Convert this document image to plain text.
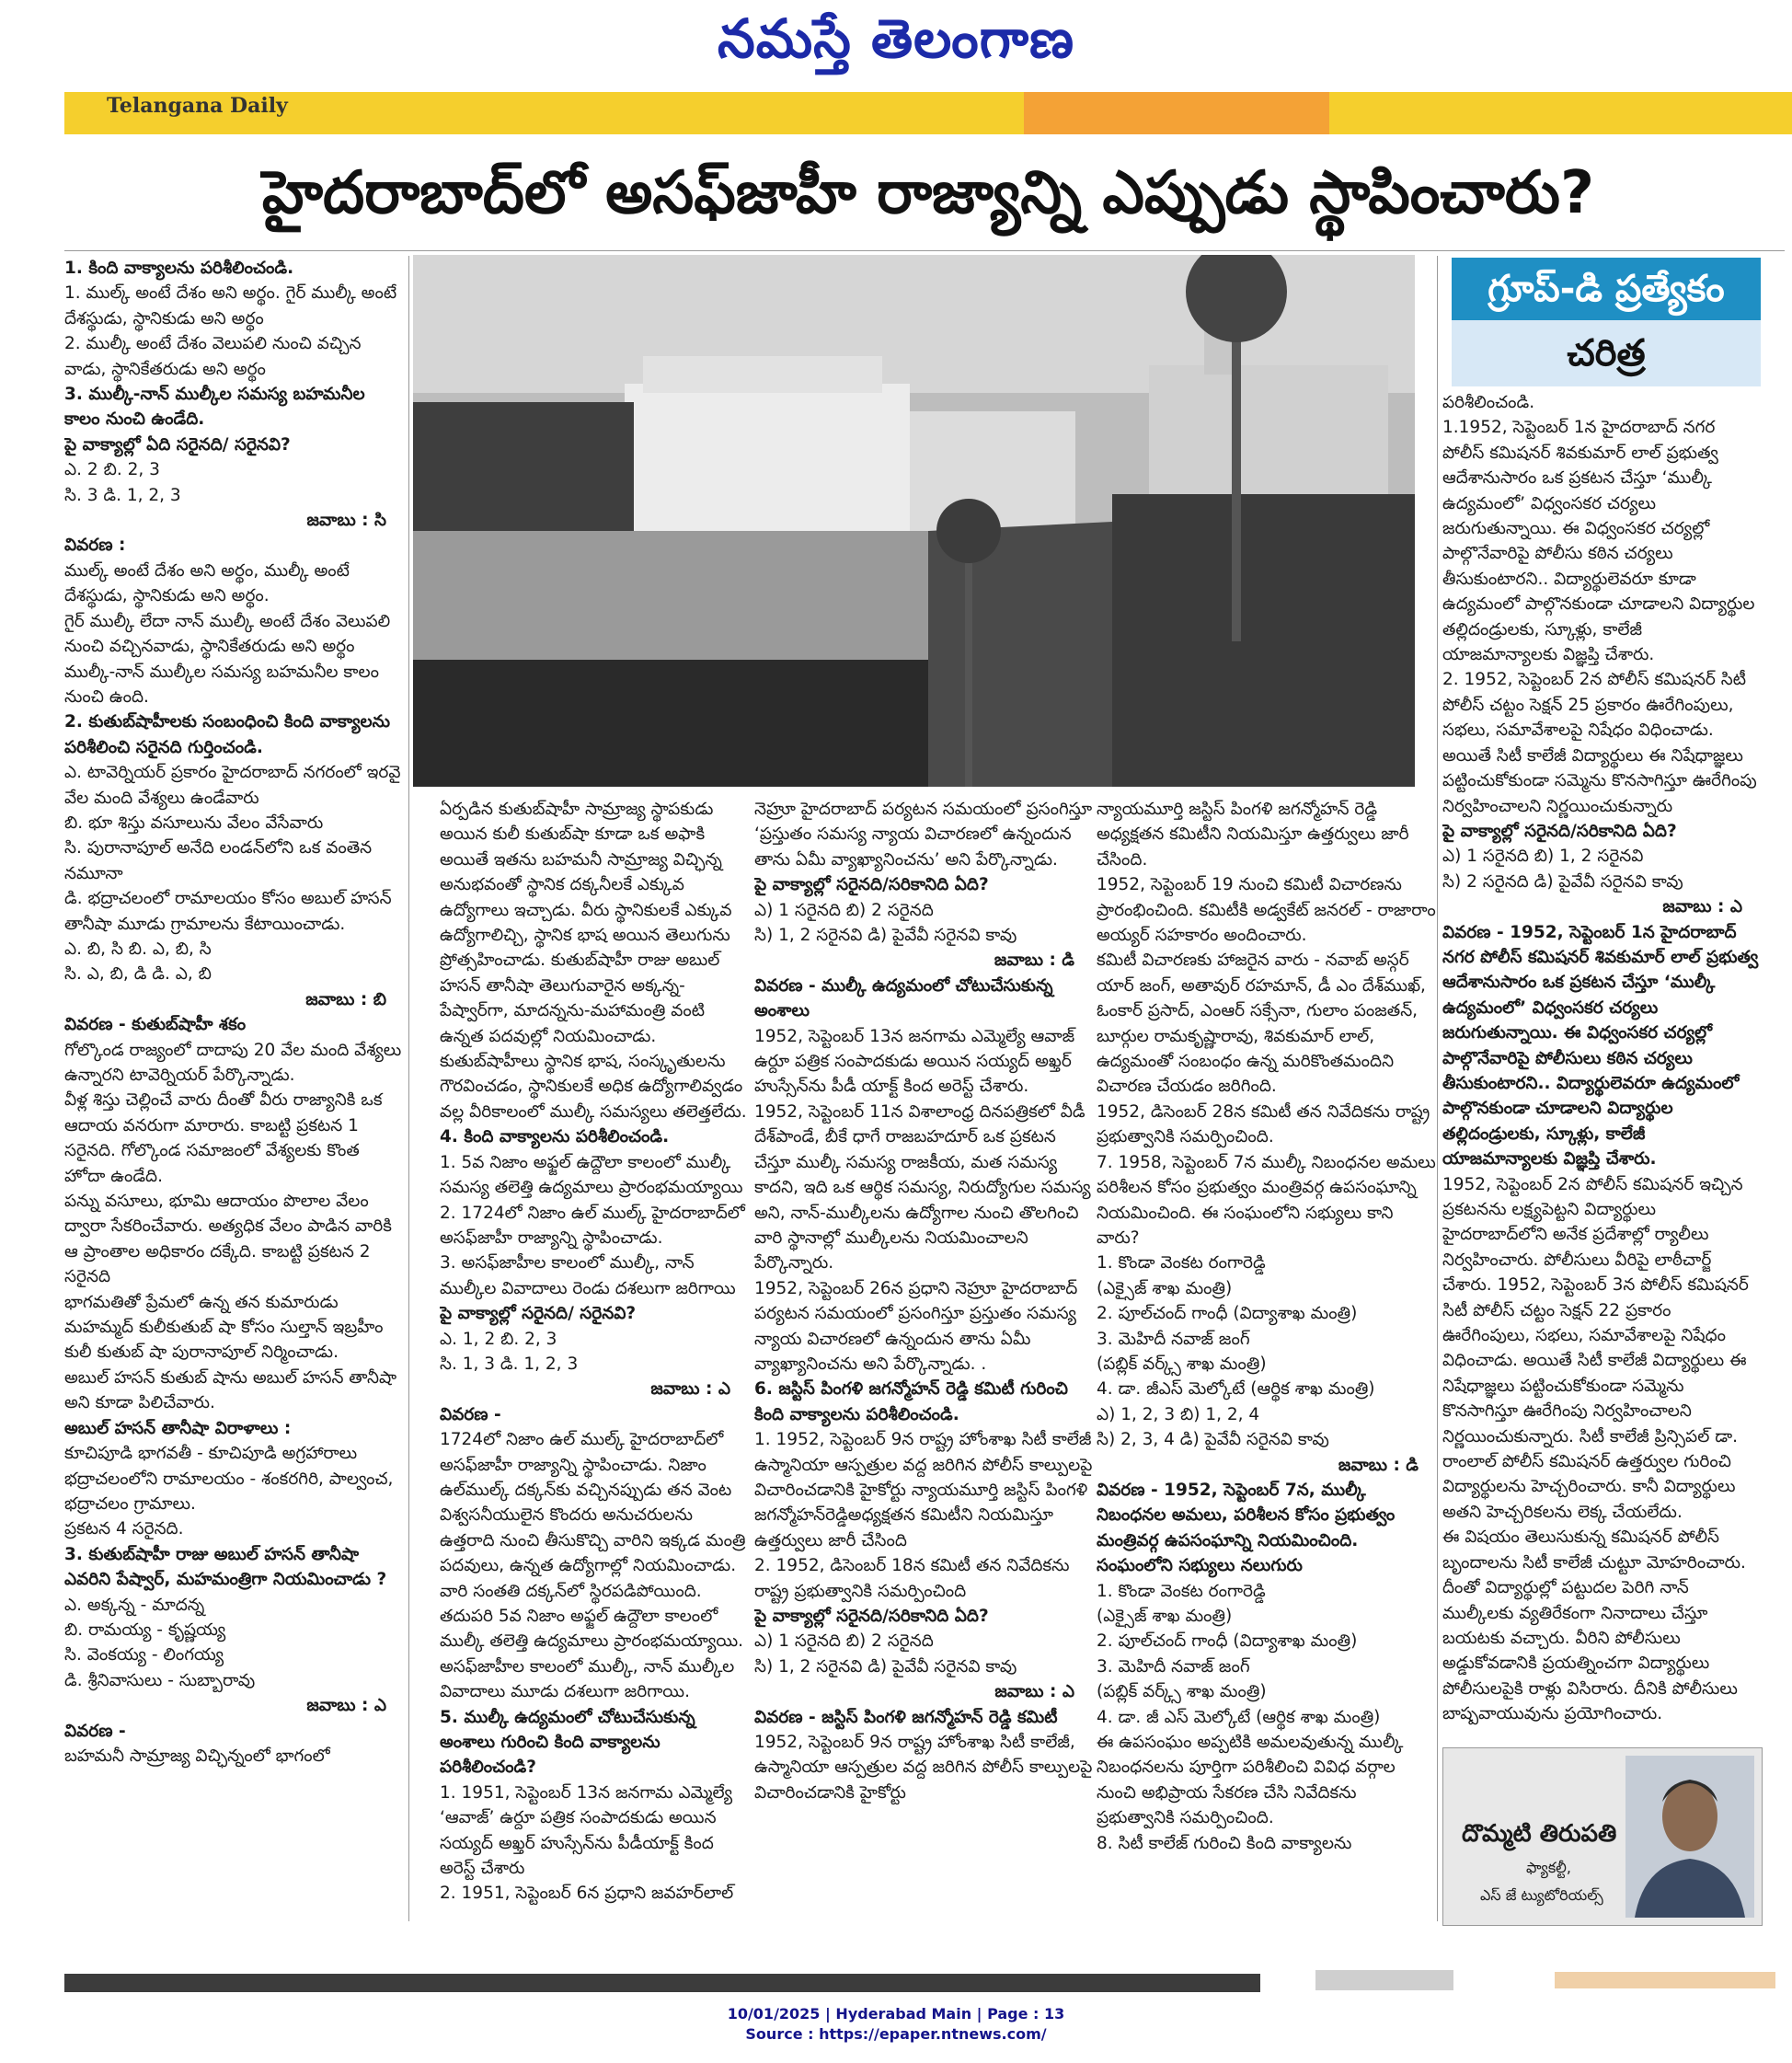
నమస్తే తెలంగాణ
Telangana Daily
హైదరాబాద్‌లో అసఫ్‌జాహీ రాజ్యాన్ని ఎప్పుడు స్థాపించారు?

1. కింది వాక్యాలను పరిశీలించండి.

1. ముల్క్ అంటే దేశం అని అర్థం. గైర్ ముల్కీ అంటే దేశస్థుడు, స్థానికుడు అని అర్థం

2. ముల్కీ అంటే దేశం వెలుపలి నుంచి వచ్చిన వాడు, స్థానికేతరుడు అని అర్థం

3. ముల్కీ-నాన్ ముల్కీల సమస్య బహమనీల కాలం నుంచి ఉండేది.

పై వాక్యాల్లో ఏది సరైనది/ సరైనవి?

ఎ. 2 బి. 2, 3

సి. 3 డి. 1, 2, 3

జవాబు : సి

వివరణ :

ముల్క్ అంటే దేశం అని అర్థం, ముల్కీ అంటే దేశస్థుడు, స్థానికుడు అని అర్థం.

గైర్ ముల్కీ లేదా నాన్ ముల్కీ అంటే దేశం వెలుపలి నుంచి వచ్చినవాడు, స్థానికేతరుడు అని అర్థం

ముల్కీ-నాన్ ముల్కీల సమస్య బహమనీల కాలం నుంచి ఉంది.

2. కుతుబ్‌షాహీలకు సంబంధించి కింది వాక్యాలను పరిశీలించి సరైనది గుర్తించండి.

ఎ. టావెర్నియర్ ప్రకారం హైదరాబాద్ నగరంలో ఇరవై వేల మంది వేశ్యలు ఉండేవారు

బి. భూ శిస్తు వసూలును వేలం వేసేవారు

సి. పురానాపూల్ అనేది లండన్‌లోని ఒక వంతెన నమూనా

డి. భద్రాచలంలో రామాలయం కోసం అబుల్ హసన్ తానీషా మూడు గ్రామాలను కేటాయించాడు.

ఎ. బి, సి బి. ఎ, బి, సి

సి. ఎ, బి, డి డి. ఎ, బి

జవాబు : బి

వివరణ - కుతుబ్‌షాహీ శకం

గోల్కొండ రాజ్యంలో దాదాపు 20 వేల మంది వేశ్యలు ఉన్నారని టావెర్నియర్ పేర్కొన్నాడు.

వీళ్ల శిస్తు చెల్లించే వారు దీంతో వీరు రాజ్యానికి ఒక ఆదాయ వనరుగా మారారు. కాబట్టి ప్రకటన 1 సరైనది. గోల్కొండ సమాజంలో వేశ్యలకు కొంత హోదా ఉండేది.

పన్ను వసూలు, భూమి ఆదాయం పొలాల వేలం ద్వారా సేకరించేవారు. అత్యధిక వేలం పాడిన వారికి ఆ ప్రాంతాల అధికారం దక్కేది. కాబట్టి ప్రకటన 2 సరైనది

భాగమతితో ప్రేమలో ఉన్న తన కుమారుడు మహమ్మద్ కులీకుతుబ్ షా కోసం సుల్తాన్ ఇబ్రహీం కులీ కుతుబ్ షా పురానాపూల్ నిర్మించాడు.

అబుల్ హసన్ కుతుబ్ షాను అబుల్ హసన్ తానీషా అని కూడా పిలిచేవారు.

అబుల్ హసన్ తానీషా విరాళాలు :

కూచిపూడి భాగవతీ - కూచిపూడి అగ్రహారాలు

భద్రాచలంలోని రామాలయం - శంకరగిరి, పాల్వంచ, భద్రాచలం గ్రామాలు.

ప్రకటన 4 సరైనది.

3. కుతుబ్‌షాహీ రాజు అబుల్ హసన్ తానీషా ఎవరిని పేష్వార్, మహమంత్రిగా నియమించాడు ?

ఎ. అక్కన్న - మాదన్న

బి. రామయ్య - కృష్ణయ్య

సి. వెంకయ్య - లింగయ్య

డి. శ్రీనివాసులు - సుబ్బారావు

జవాబు : ఎ

వివరణ -

బహమనీ సామ్రాజ్య విచ్ఛిన్నంలో భాగంలో

గ్రూప్-డి ప్రత్యేకం
చరిత్ర

ఏర్పడిన కుతుబ్‌షాహీ సామ్రాజ్య స్థాపకుడు అయిన కులీ కుతుబ్‌షా కూడా ఒక అఫాకి అయితే ఇతను బహమనీ సామ్రాజ్య విచ్ఛిన్న అనుభవంతో స్థానిక దక్కనీలకే ఎక్కువ ఉద్యోగాలు ఇచ్చాడు. వీరు స్థానికులకే ఎక్కువ ఉద్యోగాలిచ్చి, స్థానిక భాష అయిన తెలుగును ప్రోత్సహించాడు. కుతుబ్‌షాహీ రాజు అబుల్ హసన్ తానీషా తెలుగువారైన అక్కన్న-పేష్వార్‌గా, మాదన్నను-మహామంత్రి వంటి ఉన్నత పదవుల్లో నియమించాడు. కుతుబ్‌షాహీలు స్థానిక భాష, సంస్కృతులను గౌరవించడం, స్థానికులకే అధిక ఉద్యోగాలివ్వడం వల్ల వీరికాలంలో ముల్కీ సమస్యలు తలెత్తలేదు.

4. కింది వాక్యాలను పరిశీలించండి.

1. 5వ నిజాం అఫ్జల్ ఉద్దౌలా కాలంలో ముల్కీ సమస్య తలెత్తి ఉద్యమాలు ప్రారంభమయ్యాయి

2. 1724లో నిజాం ఉల్ ముల్క్ హైదరాబాద్‌లో అసఫ్‌జాహీ రాజ్యాన్ని స్థాపించాడు.

3. అసఫ్‌జాహీల కాలంలో ముల్కీ, నాన్ ముల్కీల వివాదాలు రెండు దశలుగా జరిగాయి

పై వాక్యాల్లో సరైనది/ సరైనవి?

ఎ. 1, 2 బి. 2, 3

సి. 1, 3 డి. 1, 2, 3

జవాబు : ఎ

వివరణ -

1724లో నిజాం ఉల్ ముల్క్ హైదరాబాద్‌లో అసఫ్‌జాహీ రాజ్యాన్ని స్థాపించాడు. నిజాం ఉల్‌ముల్క్ దక్కన్‌కు వచ్చినప్పుడు తన వెంట విశ్వసనీయులైన కొందరు అనుచరులను ఉత్తరాది నుంచి తీసుకొచ్చి వారిని ఇక్కడ మంత్రి పదవులు, ఉన్నత ఉద్యోగాల్లో నియమించాడు.

వారి సంతతి దక్కన్‌లో స్థిరపడిపోయింది. తదుపరి 5వ నిజాం అఫ్జల్ ఉద్దౌలా కాలంలో ముల్కీ తలెత్తి ఉద్యమాలు ప్రారంభమయ్యాయి.

అసఫ్‌జాహీల కాలంలో ముల్కీ, నాన్ ముల్కీల వివాదాలు మూడు దశలుగా జరిగాయి.

5. ముల్కీ ఉద్యమంలో చోటుచేసుకున్న అంశాలు గురించి కింది వాక్యాలను పరిశీలించండి?

1. 1951, సెప్టెంబర్ 13న జనగామ ఎమ్మెల్యే ‘ఆవాజ్’ ఉర్దూ పత్రిక సంపాదకుడు అయిన సయ్యద్ అఖ్తర్ హుస్సేన్‌ను పీడీయాక్ట్ కింద అరెస్ట్ చేశారు

2. 1951, సెప్టెంబర్ 6న ప్రధాని జవహర్‌లాల్

నెహ్రూ హైదరాబాద్ పర్యటన సమయంలో ప్రసంగిస్తూ ‘ప్రస్తుతం సమస్య న్యాయ విచారణలో ఉన్నందున తాను ఏమీ వ్యాఖ్యానించను’ అని పేర్కొన్నాడు.

పై వాక్యాల్లో సరైనది/సరికానిది ఏది?

ఎ) 1 సరైనది బి) 2 సరైనది

సి) 1, 2 సరైనవి డి) పైవేవీ సరైనవి కావు

జవాబు : డి

వివరణ - ముల్కీ ఉద్యమంలో చోటుచేసుకున్న అంశాలు

1952, సెప్టెంబర్ 13న జనగామ ఎమ్మెల్యే ఆవాజ్ ఉర్దూ పత్రిక సంపాదకుడు అయిన సయ్యద్ అఖ్తర్ హుస్సేన్‌ను పీడీ యాక్ట్ కింద అరెస్ట్ చేశారు.

1952, సెప్టెంబర్ 11న విశాలాంధ్ర దినపత్రికలో వీడీ దేశ్‌పాండే, బీకే ధాగే రాజబహదూర్ ఒక ప్రకటన చేస్తూ ముల్కీ సమస్య రాజకీయ, మత సమస్య కాదని, ఇది ఒక ఆర్థిక సమస్య, నిరుద్యోగుల సమస్య అని, నాన్-ముల్కీలను ఉద్యోగాల నుంచి తొలగించి వారి స్థానాల్లో ముల్కీలను నియమించాలని పేర్కొన్నారు.

1952, సెప్టెంబర్ 26న ప్రధాని నెహ్రూ హైదరాబాద్ పర్యటన సమయంలో ప్రసంగిస్తూ ప్రస్తుతం సమస్య న్యాయ విచారణలో ఉన్నందున తాను ఏమీ వ్యాఖ్యానించను అని పేర్కొన్నాడు. .

6. జస్టిస్ పింగళి జగన్మోహన్ రెడ్డి కమిటీ గురించి కింది వాక్యాలను పరిశీలించండి.

1. 1952, సెప్టెంబర్ 9న రాష్ట్ర హోంశాఖ సిటీ కాలేజీ ఉస్మానియా ఆస్పత్రుల వద్ద జరిగిన పోలీస్ కాల్పులపై విచారించడానికి హైకోర్టు న్యాయమూర్తి జస్టిస్ పింగళి జగన్మోహన్‌రెడ్డిఅధ్యక్షతన కమిటీని నియమిస్తూ ఉత్తర్వులు జారీ చేసింది

2. 1952, డిసెంబర్ 18న కమిటీ తన నివేదికను రాష్ట్ర ప్రభుత్వానికి సమర్పించింది

పై వాక్యాల్లో సరైనది/సరికానిది ఏది?

ఎ) 1 సరైనది బి) 2 సరైనది

సి) 1, 2 సరైనవి డి) పైవేవీ సరైనవి కావు

జవాబు : ఎ

వివరణ - జస్టిస్ పింగళి జగన్మోహన్ రెడ్డి కమిటీ

1952, సెప్టెంబర్ 9న రాష్ట్ర హోంశాఖ సిటీ కాలేజీ, ఉస్మానియా ఆస్పత్రుల వద్ద జరిగిన పోలీస్ కాల్పులపై విచారించడానికి హైకోర్టు

న్యాయమూర్తి జస్టిస్ పింగళి జగన్మోహన్ రెడ్డి అధ్యక్షతన కమిటీని నియమిస్తూ ఉత్తర్వులు జారీ చేసింది.

1952, సెప్టెంబర్ 19 నుంచి కమిటీ విచారణను ప్రారంభించింది. కమిటీకి అడ్వకేట్ జనరల్ - రాజారాం అయ్యర్ సహకారం అందించారు.

కమిటీ విచారణకు హాజరైన వారు - నవాబ్ అస్గర్ యార్ జంగ్, అతావుర్ రహమాన్, డీ ఎం దేశ్‌ముఖ్, ఓంకార్ ప్రసాద్, ఎంఆర్ సక్సేనా, గులాం పంజతన్, బూర్గుల రామకృష్ణారావు, శివకుమార్ లాల్, ఉద్యమంతో సంబంధం ఉన్న మరికొంతమందిని విచారణ చేయడం జరిగింది.

1952, డిసెంబర్ 28న కమిటీ తన నివేదికను రాష్ట్ర ప్రభుత్వానికి సమర్పించింది.

7. 1958, సెప్టెంబర్ 7న ముల్కీ నిబంధనల అమలు పరిశీలన కోసం ప్రభుత్వం మంత్రివర్గ ఉపసంఘాన్ని నియమించింది. ఈ సంఘంలోని సభ్యులు కాని వారు?

1. కొండా వెంకట రంగారెడ్డి

(ఎక్సైజ్ శాఖ మంత్రి)

2. పూల్‌చంద్ గాంధీ (విద్యాశాఖ మంత్రి)

3. మెహిదీ నవాజ్ జంగ్

(పబ్లిక్ వర్క్స్ శాఖ మంత్రి)

4. డా. జీఎస్ మెల్కోటే (ఆర్థిక శాఖ మంత్రి)

ఎ) 1, 2, 3 బి) 1, 2, 4

సి) 2, 3, 4 డి) పైవేవీ సరైనవి కావు

జవాబు : డి

వివరణ - 1952, సెప్టెంబర్ 7న, ముల్కీ నిబంధనల అమలు, పరిశీలన కోసం ప్రభుత్వం మంత్రివర్గ ఉపసంఘాన్ని నియమించింది. సంఘంలోని సభ్యులు నలుగురు

1. కొండా వెంకట రంగారెడ్డి

(ఎక్సైజ్ శాఖ మంత్రి)

2. పూల్‌చంద్ గాంధీ (విద్యాశాఖ మంత్రి)

3. మెహిదీ నవాజ్ జంగ్

(పబ్లిక్ వర్క్స్ శాఖ మంత్రి)

4. డా. జీ ఎస్ మెల్కోటే (ఆర్థిక శాఖ మంత్రి)

ఈ ఉపసంఘం అప్పటికి అమలవుతున్న ముల్కీ నిబంధనలను పూర్తిగా పరిశీలించి వివిధ వర్గాల నుంచి అభిప్రాయ సేకరణ చేసి నివేదికను ప్రభుత్వానికి సమర్పించింది.

8. సిటీ కాలేజ్ గురించి కింది వాక్యాలను

పరిశీలించండి.

1.1952, సెప్టెంబర్ 1న హైదరాబాద్ నగర పోలీస్ కమిషనర్ శివకుమార్ లాల్ ప్రభుత్వ ఆదేశానుసారం ఒక ప్రకటన చేస్తూ ‘ముల్కీ ఉద్యమంలో’ విధ్వంసకర చర్యలు జరుగుతున్నాయి. ఈ విధ్వంసకర చర్యల్లో పాల్గొనేవారిపై పోలీసు కఠిన చర్యలు తీసుకుంటారని.. విద్యార్థులెవరూ కూడా ఉద్యమంలో పాల్గొనకుండా చూడాలని విద్యార్థుల తల్లిదండ్రులకు, స్కూళ్లు, కాలేజీ యాజమాన్యాలకు విజ్ఞప్తి చేశారు.

2. 1952, సెప్టెంబర్ 2న పోలీస్ కమిషనర్ సిటీ పోలీస్ చట్టం సెక్షన్ 25 ప్రకారం ఊరేగింపులు, సభలు, సమావేశాలపై నిషేధం విధించాడు. అయితే సిటీ కాలేజీ విద్యార్థులు ఈ నిషేధాజ్ఞలు పట్టించుకోకుండా సమ్మెను కొనసాగిస్తూ ఊరేగింపు నిర్వహించాలని నిర్ణయించుకున్నారు

పై వాక్యాల్లో సరైనది/సరికానిది ఏది?

ఎ) 1 సరైనది బి) 1, 2 సరైనవి

సి) 2 సరైనది డి) పైవేవీ సరైనవి కావు

జవాబు : ఎ

వివరణ - 1952, సెప్టెంబర్ 1న హైదరాబాద్ నగర పోలీస్ కమిషనర్ శివకుమార్ లాల్ ప్రభుత్వ ఆదేశానుసారం ఒక ప్రకటన చేస్తూ ‘ముల్కీ ఉద్యమంలో’ విధ్వంసకర చర్యలు జరుగుతున్నాయి. ఈ విధ్వంసకర చర్యల్లో పాల్గొనేవారిపై పోలీసులు కఠిన చర్యలు తీసుకుంటారని.. విద్యార్థులెవరూ ఉద్యమంలో పాల్గొనకుండా చూడాలని విద్యార్థుల తల్లిదండ్రులకు, స్కూళ్లు, కాలేజీ యాజమాన్యాలకు విజ్ఞప్తి చేశారు.

1952, సెప్టెంబర్ 2న పోలీస్ కమిషనర్ ఇచ్చిన ప్రకటనను లక్ష్యపెట్టని విద్యార్థులు హైదరాబాద్‌లోని అనేక ప్రదేశాల్లో ర్యాలీలు నిర్వహించారు. పోలీసులు వీరిపై లాఠీచార్జ్ చేశారు. 1952, సెప్టెంబర్ 3న పోలీస్ కమిషనర్ సిటీ పోలీస్ చట్టం సెక్షన్ 22 ప్రకారం ఊరేగింపులు, సభలు, సమావేశాలపై నిషేధం విధించాడు. అయితే సిటీ కాలేజీ విద్యార్థులు ఈ నిషేధాజ్ఞలు పట్టించుకోకుండా సమ్మెను కొనసాగిస్తూ ఊరేగింపు నిర్వహించాలని నిర్ణయించుకున్నారు. సిటీ కాలేజీ ప్రిన్సిపల్ డా. రాంలాల్ పోలీస్ కమిషనర్ ఉత్తర్వుల గురించి విద్యార్థులను హెచ్చరించారు. కానీ విద్యార్థులు అతని హెచ్చరికలను లెక్క చేయలేదు.

ఈ విషయం తెలుసుకున్న కమిషనర్ పోలీస్ బృందాలను సిటీ కాలేజీ చుట్టూ మోహరించారు. దీంతో విద్యార్థుల్లో పట్టుదల పెరిగి నాన్ ముల్కీలకు వ్యతిరేకంగా నినాదాలు చేస్తూ బయటకు వచ్చారు. వీరిని పోలీసులు అడ్డుకోవడానికి ప్రయత్నించగా విద్యార్థులు పోలీసులపైకి రాళ్లు విసిరారు. దీనికి పోలీసులు బాష్పవాయువును ప్రయోగించారు.

దొమ్మటి తిరుపతి
ఫ్యాకల్టీ,
ఎస్ జే ట్యుటోరియల్స్
10/01/2025 | Hyderabad Main | Page : 13
Source : https://epaper.ntnews.com/
